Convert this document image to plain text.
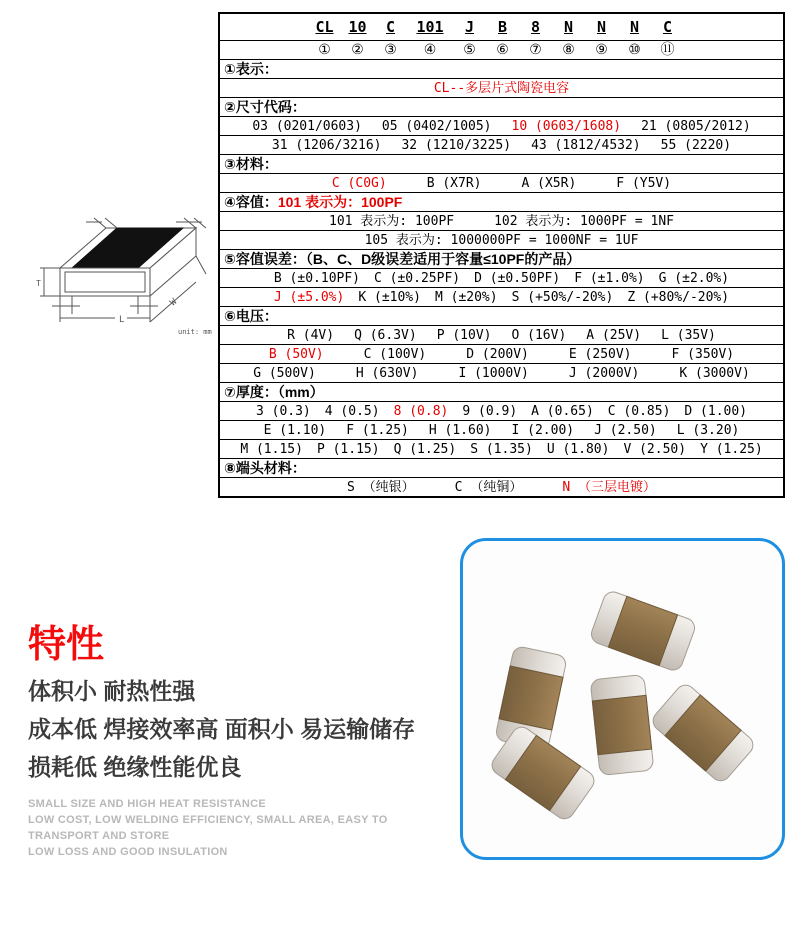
CL 10	C	101	J	B	8	N	N	N	C
①	②	③	④	⑤	⑥	⑦	⑧	⑨	⑩	⑪
①表示：
CL--多层片式陶瓷电容
②尺寸代码：
03 (0201/0603) 05 (0402/1005) 10 (0603/1608) 21 (0805/2012)
31 (1206/3216) 32 (1210/3225) 43 (1812/4532) 55 (2220)
③材料：
C (C0G)	B (X7R)	A (X5R)	F (Y5V)
④容值：101 表示为：100PF
101 表示为: 100PF	102 表示为: 1000PF = 1NF
105 表示为: 1000000PF = 1000NF = 1UF
⑤容值误差：（B、C、D级误差适用于容量≤10PF的产品）
B (±0.10PF) C (±0.25PF) D (±0.50PF) F (±1.0%) G (±2.0%)
J (±5.0%) K (±10%) M (±20%) S (+50%/-20%) Z (+80%/-20%)
⑥电压：
R (4V) Q (6.3V) P (10V) O (16V) A (25V) L (35V)
B (50V)	C (100V)	D (200V)	E (250V)	F (350V)
G (500V)	H (630V)	I (1000V)	J (2000V)	K (3000V)
⑦厚度：（mm）
3 (0.3) 4 (0.5) 8 (0.8) 9 (0.9) A (0.65) C (0.85) D (1.00)
E (1.10) F (1.25) H (1.60) I (2.00) J (2.50) L (3.20)
M (1.15) P (1.15) Q (1.25) S (1.35) U (1.80) V (2.50) Y (1.25)
⑧端头材料：
S （纯银）	C （纯铜）	N （三层电镀）
L
W
T
unit: mm
特性
体积小 耐热性强
成本低 焊接效率高 面积小 易运输储存
损耗低 绝缘性能优良
SMALL SIZE AND HIGH HEAT RESISTANCE
LOW COST, LOW WELDING EFFICIENCY, SMALL AREA, EASY TO TRANSPORT AND STORE
LOW LOSS AND GOOD INSULATION
